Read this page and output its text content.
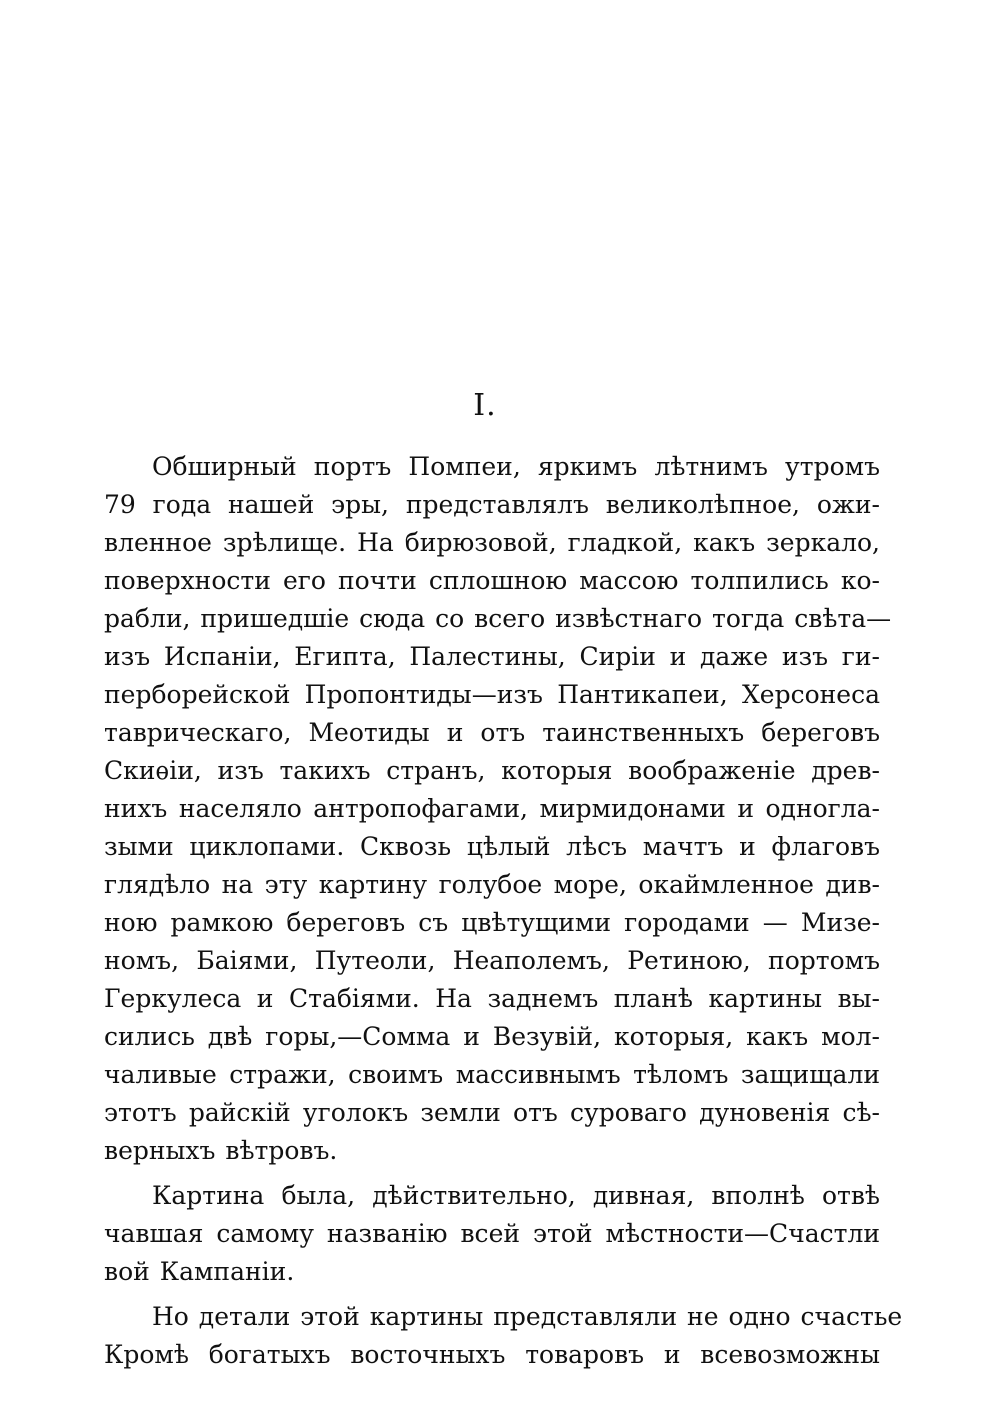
I.
Обширный портъ Помпеи, яркимъ лѣтнимъ утромъ
79 года нашей эры, представлялъ великолѣпное, ожи-
вленное зрѣлище. На бирюзовой, гладкой, какъ зеркало,
поверхности его почти сплошною массою толпились ко-
рабли, пришедшіе сюда со всего извѣстнаго тогда свѣта—
изъ Испаніи, Египта, Палестины, Сиріи и даже изъ ги-
перборейской Пропонтиды—изъ Пантикапеи, Херсонеса
таврическаго, Меотиды и отъ таинственныхъ береговъ
Скиѳіи, изъ такихъ странъ, которыя воображеніе древ-
нихъ населяло антропофагами, мирмидонами и одногла-
зыми циклопами. Сквозь цѣлый лѣсъ мачтъ и флаговъ
глядѣло на эту картину голубое море, окаймленное див-
ною рамкою береговъ съ цвѣтущими городами — Мизе-
номъ, Баіями, Путеоли, Неаполемъ, Ретиною, портомъ
Геркулеса и Стабіями. На заднемъ планѣ картины вы-
сились двѣ горы,—Сомма и Везувій, которыя, какъ мол-
чаливые стражи, своимъ массивнымъ тѣломъ защищали
этотъ райскій уголокъ земли отъ суроваго дуновенія сѣ-
верныхъ вѣтровъ.
Картина была, дѣйствительно, дивная, вполнѣ отвѣ
чавшая самому названію всей этой мѣстности—Счастли
вой Кампаніи.
Но детали этой картины представляли не одно счастье
Кромѣ богатыхъ восточныхъ товаровъ и всевозможны
